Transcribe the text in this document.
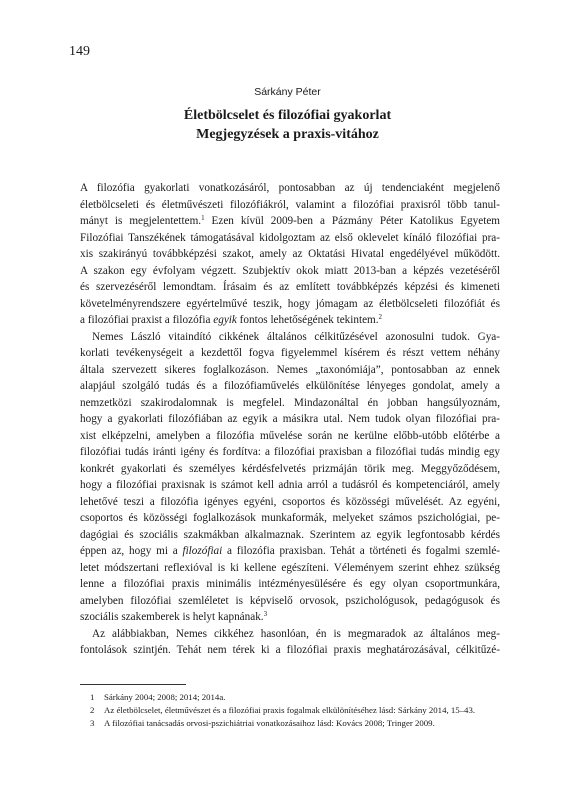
149
Sárkány Péter
Életbölcselet és filozófiai gyakorlat
Megjegyzések a praxis-vitához
A filozófia gyakorlati vonatkozásáról, pontosabban az új tendenciaként megjelenő
életbölcseleti és életművészeti filozófiákról, valamint a filozófiai praxisról több tanul-
mányt is megjelentettem.$^1$ Ezen kívül 2009-ben a Pázmány Péter Katolikus Egyetem
Filozófiai Tanszékének támogatásával kidolgoztam az első oklevelet kínáló filozófiai pra-
xis szakirányú továbbképzési szakot, amely az Oktatási Hivatal engedélyével működött.
A szakon egy évfolyam végzett. Szubjektív okok miatt 2013-ban a képzés vezetéséről
és szervezéséről lemondtam. Írásaim és az említett továbbképzés képzési és kimeneti
követelményrendszere egyértelművé teszik, hogy jómagam az életbölcseleti filozófiát és
a filozófiai praxist a filozófia egyik fontos lehetőségének tekintem.$^2$
Nemes László vitaindító cikkének általános célkitűzésével azonosulni tudok. Gya-
korlati tevékenységeit a kezdettől fogva figyelemmel kísérem és részt vettem néhány
általa szervezett sikeres foglalkozáson. Nemes „taxonómiája”, pontosabban az ennek
alapjául szolgáló tudás és a filozófiaművelés elkülönítése lényeges gondolat, amely a
nemzetközi szakirodalomnak is megfelel. Mindazonáltal én jobban hangsúlyoznám,
hogy a gyakorlati filozófiában az egyik a másikra utal. Nem tudok olyan filozófiai pra-
xist elképzelni, amelyben a filozófia művelése során ne kerülne előbb-utóbb előtérbe a
filozófiai tudás iránti igény és fordítva: a filozófiai praxisban a filozófiai tudás mindig egy
konkrét gyakorlati és személyes kérdésfelvetés prizmáján törik meg. Meggyőződésem,
hogy a filozófiai praxisnak is számot kell adnia arról a tudásról és kompetenciáról, amely
lehetővé teszi a filozófia igényes egyéni, csoportos és közösségi művelését. Az egyéni,
csoportos és közösségi foglalkozások munkaformák, melyeket számos pszichológiai, pe-
dagógiai és szociális szakmákban alkalmaznak. Szerintem az egyik legfontosabb kérdés
éppen az, hogy mi a filozófiai a filozófia praxisban. Tehát a történeti és fogalmi szemlé-
letet módszertani reflexióval is ki kellene egészíteni. Véleményem szerint ehhez szükség
lenne a filozófiai praxis minimális intézményesülésére és egy olyan csoportmunkára,
amelyben filozófiai szemléletet is képviselő orvosok, pszichológusok, pedagógusok és
szociális szakemberek is helyt kapnának.$^3$
Az alábbiakban, Nemes cikkéhez hasonlóan, én is megmaradok az általános meg-
fontolások szintjén. Tehát nem térek ki a filozófiai praxis meghatározásával, célkitűzé-
1 Sárkány 2004; 2008; 2014; 2014a.
2 Az életbölcselet, életművészet és a filozófiai praxis fogalmak elkülönítéséhez lásd: Sárkány 2014, 15–43.
3 A filozófiai tanácsadás orvosi-pszichiátriai vonatkozásaihoz lásd: Kovács 2008; Tringer 2009.
